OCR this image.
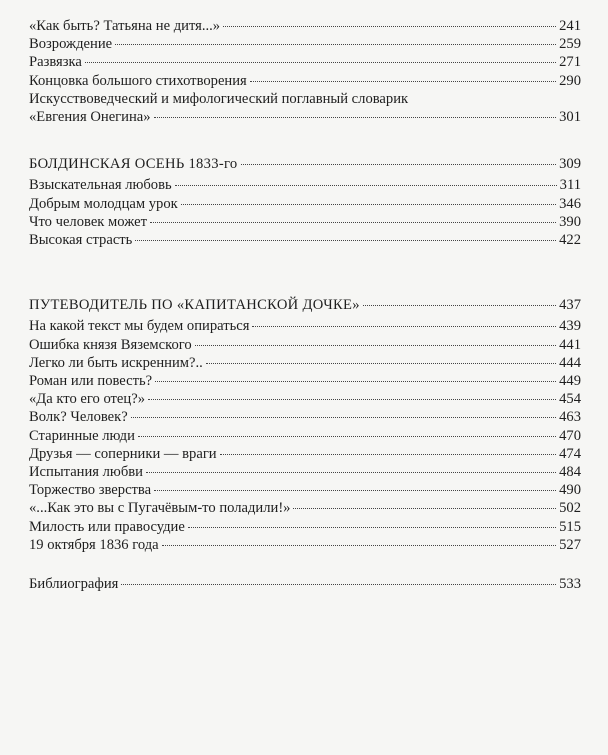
«Как быть? Татьяна не дитя...»	241
Возрождение	259
Развязка	271
Концовка большого стихотворения	290
Искусствоведческий и мифологический поглавный словарик
«Евгения Онегина»	301
БОЛДИНСКАЯ ОСЕНЬ 1833-го	309
Взыскательная любовь	311
Добрым молодцам урок	346
Что человек может	390
Высокая страсть	422
ПУТЕВОДИТЕЛЬ ПО «КАПИТАНСКОЙ ДОЧКЕ»	437
На какой текст мы будем опираться	439
Ошибка князя Вяземского	441
Легко ли быть искренним?..	444
Роман или повесть?	449
«Да кто его отец?»	454
Волк? Человек?	463
Старинные люди	470
Друзья — соперники — враги	474
Испытания любви	484
Торжество зверства	490
«...Как это вы с Пугачёвым-то поладили!»	502
Милость или правосудие	515
19 октября 1836 года	527
Библиография	533
